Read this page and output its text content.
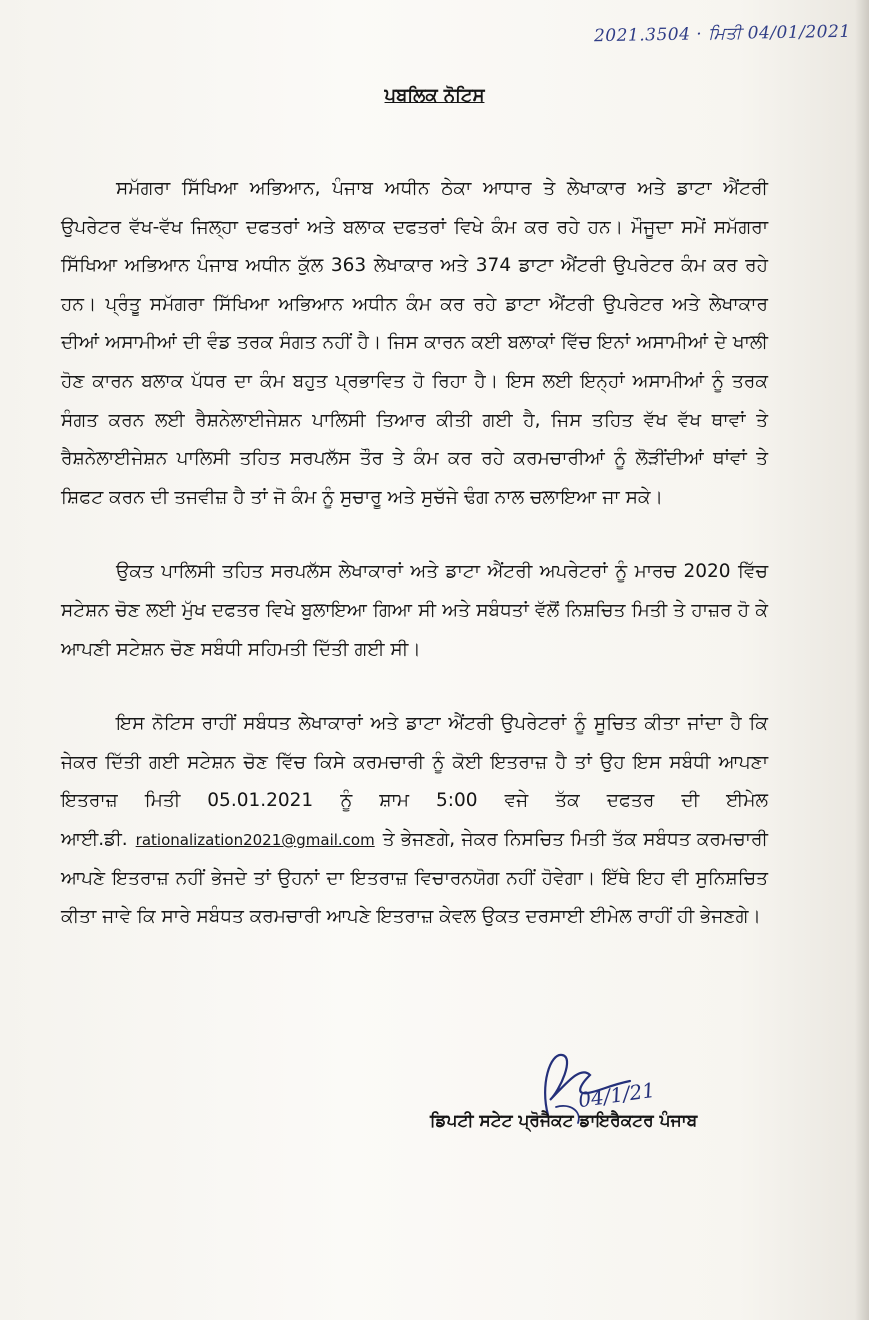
2021.3504 · ਮਿਤੀ 04/01/2021
ਪਬਲਿਕ ਨੋਟਿਸ

ਸਮੱਗਰਾ ਸਿੱਖਿਆ ਅਭਿਆਨ, ਪੰਜਾਬ ਅਧੀਨ ਠੇਕਾ ਆਧਾਰ ਤੇ ਲੇਖਾਕਾਰ ਅਤੇ ਡਾਟਾ ਐਂਟਰੀ ਉਪਰੇਟਰ ਵੱਖ-ਵੱਖ ਜਿਲ੍ਹਾ ਦਫਤਰਾਂ ਅਤੇ ਬਲਾਕ ਦਫਤਰਾਂ ਵਿਖੇ ਕੰਮ ਕਰ ਰਹੇ ਹਨ। ਮੌਜੂਦਾ ਸਮੇਂ ਸਮੱਗਰਾ ਸਿੱਖਿਆ ਅਭਿਆਨ ਪੰਜਾਬ ਅਧੀਨ ਕੁੱਲ 363 ਲੇਖਾਕਾਰ ਅਤੇ 374 ਡਾਟਾ ਐਂਟਰੀ ਉਪਰੇਟਰ ਕੰਮ ਕਰ ਰਹੇ ਹਨ। ਪ੍ਰੰਤੂ ਸਮੱਗਰਾ ਸਿੱਖਿਆ ਅਭਿਆਨ ਅਧੀਨ ਕੰਮ ਕਰ ਰਹੇ ਡਾਟਾ ਐਂਟਰੀ ਉਪਰੇਟਰ ਅਤੇ ਲੇਖਾਕਾਰ ਦੀਆਂ ਅਸਾਮੀਆਂ ਦੀ ਵੰਡ ਤਰਕ ਸੰਗਤ ਨਹੀਂ ਹੈ। ਜਿਸ ਕਾਰਨ ਕਈ ਬਲਾਕਾਂ ਵਿੱਚ ਇਨਾਂ ਅਸਾਮੀਆਂ ਦੇ ਖਾਲੀ ਹੋਣ ਕਾਰਨ ਬਲਾਕ ਪੱਧਰ ਦਾ ਕੰਮ ਬਹੁਤ ਪ੍ਰਭਾਵਿਤ ਹੋ ਰਿਹਾ ਹੈ। ਇਸ ਲਈ ਇਨ੍ਹਾਂ ਅਸਾਮੀਆਂ ਨੂੰ ਤਰਕ ਸੰਗਤ ਕਰਨ ਲਈ ਰੈਸ਼ਨੇਲਾਈਜੇਸ਼ਨ ਪਾਲਿਸੀ ਤਿਆਰ ਕੀਤੀ ਗਈ ਹੈ, ਜਿਸ ਤਹਿਤ ਵੱਖ ਵੱਖ ਥਾਵਾਂ ਤੇ ਰੈਸ਼ਨੇਲਾਈਜੇਸ਼ਨ ਪਾਲਿਸੀ ਤਹਿਤ ਸਰਪਲੱਸ ਤੌਰ ਤੇ ਕੰਮ ਕਰ ਰਹੇ ਕਰਮਚਾਰੀਆਂ ਨੂੰ ਲੋੜੀਂਦੀਆਂ ਥਾਂਵਾਂ ਤੇ ਸ਼ਿਫਟ ਕਰਨ ਦੀ ਤਜਵੀਜ਼ ਹੈ ਤਾਂ ਜੋ ਕੰਮ ਨੂੰ ਸੁਚਾਰੂ ਅਤੇ ਸੁਚੱਜੇ ਢੰਗ ਨਾਲ ਚਲਾਇਆ ਜਾ ਸਕੇ।

ਉਕਤ ਪਾਲਿਸੀ ਤਹਿਤ ਸਰਪਲੱਸ ਲੇਖਾਕਾਰਾਂ ਅਤੇ ਡਾਟਾ ਐਂਟਰੀ ਅਪਰੇਟਰਾਂ ਨੂੰ ਮਾਰਚ 2020 ਵਿੱਚ ਸਟੇਸ਼ਨ ਚੋਣ ਲਈ ਮੁੱਖ ਦਫਤਰ ਵਿਖੇ ਬੁਲਾਇਆ ਗਿਆ ਸੀ ਅਤੇ ਸਬੰਧਤਾਂ ਵੱਲੋਂ ਨਿਸ਼ਚਿਤ ਮਿਤੀ ਤੇ ਹਾਜ਼ਰ ਹੋ ਕੇ ਆਪਣੀ ਸਟੇਸ਼ਨ ਚੋਣ ਸਬੰਧੀ ਸਹਿਮਤੀ ਦਿੱਤੀ ਗਈ ਸੀ।

ਇਸ ਨੋਟਿਸ ਰਾਹੀਂ ਸਬੰਧਤ ਲੇਖਾਕਾਰਾਂ ਅਤੇ ਡਾਟਾ ਐਂਟਰੀ ਉਪਰੇਟਰਾਂ ਨੂੰ ਸੂਚਿਤ ਕੀਤਾ ਜਾਂਦਾ ਹੈ ਕਿ ਜੇਕਰ ਦਿੱਤੀ ਗਈ ਸਟੇਸ਼ਨ ਚੋਣ ਵਿੱਚ ਕਿਸੇ ਕਰਮਚਾਰੀ ਨੂੰ ਕੋਈ ਇਤਰਾਜ਼ ਹੈ ਤਾਂ ਉਹ ਇਸ ਸਬੰਧੀ ਆਪਣਾ ਇਤਰਾਜ਼ ਮਿਤੀ 05.01.2021 ਨੂੰ ਸ਼ਾਮ 5:00 ਵਜੇ ਤੱਕ ਦਫਤਰ ਦੀ ਈਮੇਲ ਆਈ.ਡੀ. rationalization2021@gmail.com ਤੇ ਭੇਜਣਗੇ, ਜੇਕਰ ਨਿਸਚਿਤ ਮਿਤੀ ਤੱਕ ਸਬੰਧਤ ਕਰਮਚਾਰੀ ਆਪਣੇ ਇਤਰਾਜ਼ ਨਹੀਂ ਭੇਜਦੇ ਤਾਂ ਉਹਨਾਂ ਦਾ ਇਤਰਾਜ਼ ਵਿਚਾਰਨਯੋਗ ਨਹੀਂ ਹੋਵੇਗਾ। ਇੱਥੇ ਇਹ ਵੀ ਸੁਨਿਸ਼ਚਿਤ ਕੀਤਾ ਜਾਵੇ ਕਿ ਸਾਰੇ ਸਬੰਧਤ ਕਰਮਚਾਰੀ ਆਪਣੇ ਇਤਰਾਜ਼ ਕੇਵਲ ਉਕਤ ਦਰਸਾਈ ਈਮੇਲ ਰਾਹੀਂ ਹੀ ਭੇਜਣਗੇ।

04/1/21
ਡਿਪਟੀ ਸਟੇਟ ਪ੍ਰੋਜੈਕਟ ਡਾਇਰੈਕਟਰ ਪੰਜਾਬ
